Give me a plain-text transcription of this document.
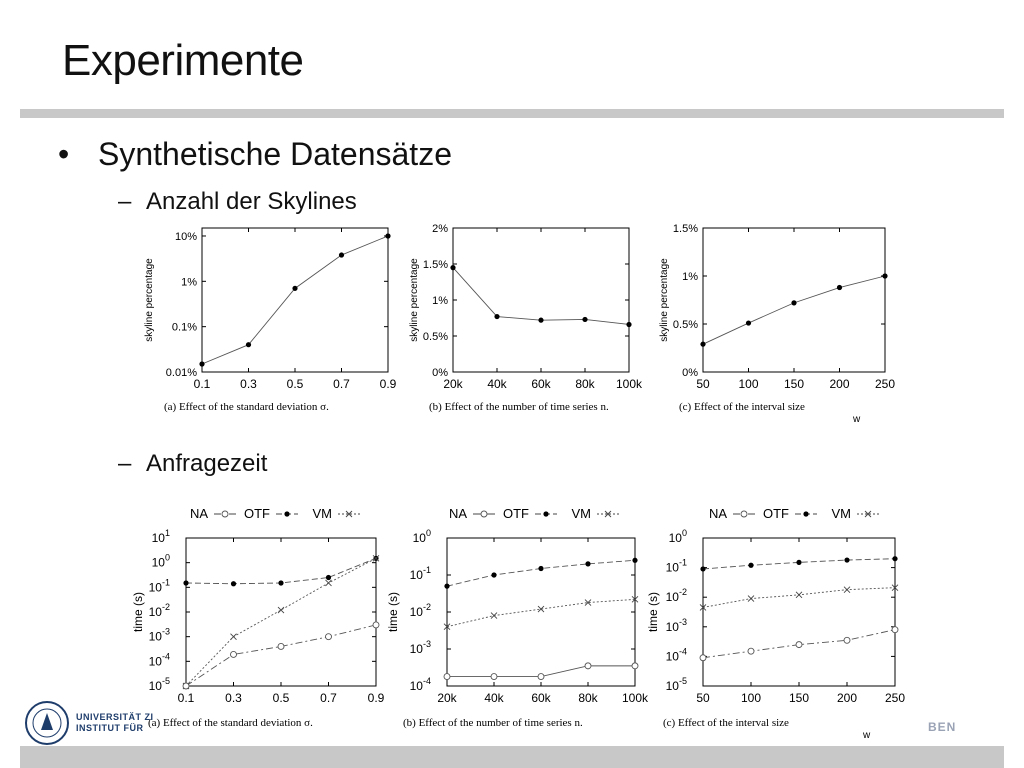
Experimente
• Synthetische Datensätze
– Anzahl der Skylines
– Anfragezeit
0.1 0.3 0.5 0.7 0.9
0.01%
0.1%
1%
10%
skyline percentage
(a) Effect of the standard deviation σ.
20k 40k 60k 80k 100k
0%
0.5%
1%
1.5%
2%
skyline percentage
(b) Effect of the number of time series n.
50 100 150 200 250
0%
0.5%
1%
1.5%
skyline percentage
(c) Effect of the interval size
w
0.1	0.3	0.5	0.7	0.9
$10^{-5}$
$10^{-4}$
$10^{-3}$
$10^{-2}$
$10^{-1}$
$10^0$
$10^1$
time (s)
(a) Effect of the standard deviation σ.
NA	OTF	VM
20k 40k 60k 80k 100k
$10^{-4}$
$10^{-3}$
$10^{-2}$
$10^{-1}$
$10^0$
time (s)
(b) Effect of the number of time series n.
NA	OTF	VM
50	100 150 200 250
$10^{-5}$
$10^{-4}$
$10^{-3}$
$10^{-2}$
$10^{-1}$
$10^0$
time (s)
(c) Effect of the interval size
w
NA	OTF	VM
UNIVERSITÄT ZI
INSTITUT FÜR	BEN
